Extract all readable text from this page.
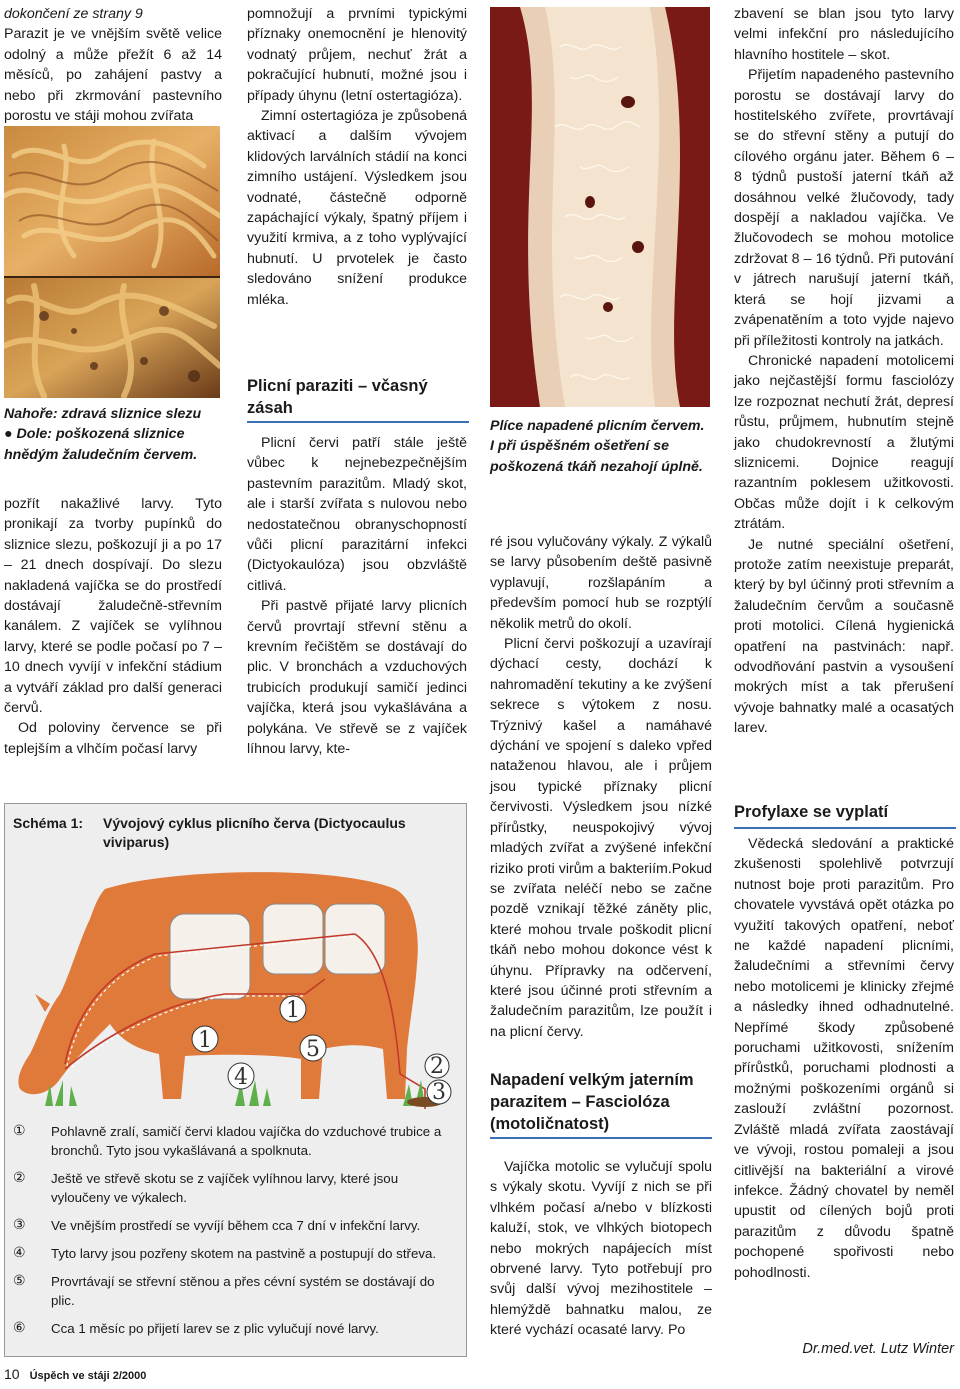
dokončení ze strany 9

Parazit je ve vnějším světě velice odolný a může přežít 6 až 14 měsíců, po zahájení pastvy a nebo při zkrmování pastevního porostu ve stáji mohou zvířata

Nahoře: zdravá sliznice slezu
● Dole: poškozená sliznice hnědým žaludečním červem.

pozřít nakažlivé larvy. Tyto pronikají za tvorby pupínků do sliznice slezu, poškozují ji a po 17 – 21 dnech dospívají. Do slezu nakladená vajíčka se do prostředí dostávají žaludečně-střevním kanálem. Z vajíček se vylíhnou larvy, které se podle počasí po 7 – 10 dnech vyvíjí v infekční stádium a vytváří základ pro další generaci červů.

Od poloviny července se při teplejším a vlhčím počasí larvy

pomnožují a prvními typickými příznaky onemocnění je hlenovitý vodnatý průjem, nechuť žrát a pokračující hubnutí, možné jsou i případy úhynu (letní ostertagióza).

Zimní ostertagióza je způsobená aktivací a dalším vývojem klidových larválních stádií na konci zimního ustájení. Výsledkem jsou vodnaté, částečně odporně zapáchající výkaly, špatný příjem i využití krmiva, a z toho vyplývající hubnutí. U prvotelek je často sledováno snížení produkce mléka.

Plicní paraziti – včasný zásah

Plicní červi patří stále ještě vůbec k nejnebezpečnějším pastevním parazitům. Mladý skot, ale i starší zvířata s nulovou nebo nedostatečnou obranyschopností vůči plicní parazitární infekci (Dictyokaulóza) jsou obzvláště citlivá.

Při pastvě přijaté larvy plicních červů provrtají střevní stěnu a krevním řečištěm se dostávají do plic. V bronchách a vzduchových trubicích produkují samičí jedinci vajíčka, která jsou vykašlávána a polykána. Ve střevě se z vajíček líhnou larvy, kte-

Plíce napadené plicním červem. I při úspěšném ošetření se poškozená tkáň nezahojí úplně.

ré jsou vylučovány výkaly. Z výkalů se larvy působením deště pasivně vyplavují, rozšlapáním a především pomocí hub se rozptýlí několik metrů do okolí.

Plicní červi poškozují a uzavírají dýchací cesty, dochází k nahromadění tekutiny a ke zvýšení sekrece s výtokem z nosu. Trýznivý kašel a namáhavé dýchání ve spojení s daleko vpřed nataženou hlavou, ale i průjem jsou typické příznaky plicní červivosti. Výsledkem jsou nízké přírůstky, neuspokojivý vývoj mladých zvířat a zvýšené infekční riziko proti virům a bakteriím.Pokud se zvířata neléčí nebo se začne pozdě vznikají těžké záněty plic, které mohou trvale poškodit plicní tkáň nebo mohou dokonce vést k úhynu. Přípravky na odčervení, které jsou účinné proti střevním a žaludečním parazitům, lze použít i na plicní červy.

Napadení velkým jaterním parazitem – Fasciolóza (motoličnatost)

Vajíčka motolic se vylučují spolu s výkaly skotu. Vyvíjí z nich se při vlhkém počasí a/nebo v blízkosti kaluží, stok, ve vlhkých biotopech nebo mokrých napájecích míst obrvené larvy. Tyto potřebují pro svůj další vývoj mezihostitele – hlemýždě bahnatku malou, ze které vychází ocasaté larvy. Po

zbavení se blan jsou tyto larvy velmi infekční pro následujícího hlavního hostitele – skot.

Přijetím napadeného pastevního porostu se dostávají larvy do hostitelského zvířete, provrtávají se do střevní stěny a putují do cílového orgánu jater. Během 6 – 8 týdnů pustoší jaterní tkáň až dosáhnou velké žlučovody, tady dospějí a nakladou vajíčka. Ve žlučovodech se mohou motolice zdržovat 8 – 16 týdnů. Při putování v játrech narušují jaterní tkáň, která se hojí jizvami a zvápenatěním a toto vyjde najevo při příležitosti kontroly na jatkách.

Chronické napadení motolicemi jako nejčastější formu fasciolózy lze rozpoznat nechutí žrát, depresí růstu, průjmem, hubnutím stejně jako chudokrevností a žlutými sliznicemi. Dojnice reagují razantním poklesem užitkovosti. Občas může dojít i k celkovým ztrátám.

Je nutné speciální ošetření, protože zatím neexistuje preparát, který by byl účinný proti střevním a žaludečním červům a současně proti motolici. Cílená hygienická opatření na pastvinách: např. odvodňování pastvin a vysoušení mokrých míst a tak přerušení vývoje bahnatky malé a ocasatých larev.

Profylaxe se vyplatí

Vědecká sledování a praktické zkušenosti spolehlivě potvrzují nutnost boje proti parazitům. Pro chovatele vyvstává opět otázka po využití takových opatření, neboť ne každé napadení plicními, žaludečními a střevními červy nebo motolicemi je klinicky zřejmé a následky ihned odhadnutelné. Nepřímé škody způsobené poruchami užitkovosti, snížením přírůstků, poruchami plodnosti a možnými poškozeními orgánů si zaslouží zvláštní pozornost. Zvláště mladá zvířata zaostávají ve vývoji, rostou pomaleji a jsou citlivější na bakteriální a virové infekce. Žádný chovatel by neměl upustit od cílených bojů proti parazitům z důvodu špatně pochopené spořivosti nebo pohodlnosti.

Dr.med.vet. Lutz Winter
Schéma 1: Vývojový cyklus plicního červa (Dictyocaulus viviparus)
1
1
5
4
3
2
①	Pohlavně zralí, samičí červi kladou vajíčka do vzduchové trubice a bronchů. Tyto jsou vykašlávaná a spolknuta.
②	Ještě ve střevě skotu se z vajíček vylíhnou larvy, které jsou vyloučeny ve výkalech.
③	Ve vnějším prostředí se vyvíjí během cca 7 dní v infekční larvy.
④	Tyto larvy jsou pozřeny skotem na pastvině a postupují do střeva.
⑤	Provrtávají se střevní stěnou a přes cévní systém se dostávají do plic.
⑥	Cca 1 měsíc po přijetí larev se z plic vylučují nové larvy.
10 Úspěch ve stáji 2/2000
